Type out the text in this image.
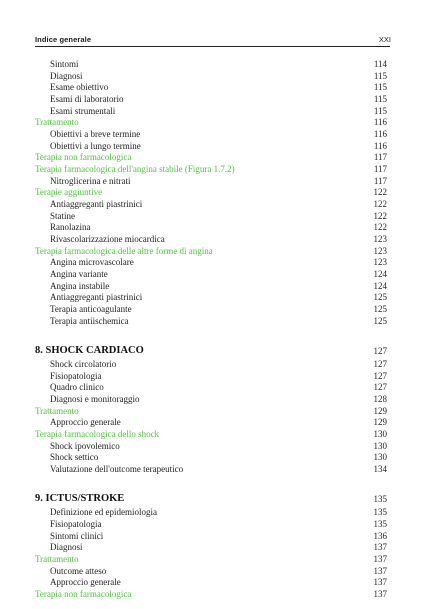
Indice generale	XXI
Sintomi	114
Diagnosi	115
Esame obiettivo	115
Esami di laboratorio	115
Esami strumentali	115
Trattamento	116
Obiettivi a breve termine	116
Obiettivi a lungo termine	116
Terapia non farmacologica	117
Terapia farmacologica dell'angina stabile (Figura 1.7.2)	117
Nitroglicerina e nitrati	117
Terapie aggiuntive	122
Antiaggreganti piastrinici	122
Statine	122
Ranolazina	122
Rivascolarizzazione miocardica	123
Terapia farmacologica delle altre forme di angina	123
Angina microvascolare	123
Angina variante	124
Angina instabile	124
Antiaggreganti piastrinici	125
Terapia anticoagulante	125
Terapia antiischemica	125
8. SHOCK CARDIACO	127
Shock circolatorio	127
Fisiopatologia	127
Quadro clinico	127
Diagnosi e monitoraggio	128
Trattamento	129
Approccio generale	129
Terapia farmacologica dello shock	130
Shock ipovolemico	130
Shock settico	130
Valutazione dell'outcome terapeutico	134
9. ICTUS/STROKE	135
Definizione ed epidemiologia	135
Fisiopatologia	135
Sintomi clinici	136
Diagnosi	137
Trattamento	137
Outcome atteso	137
Approccio generale	137
Terapia non farmacologica	137
